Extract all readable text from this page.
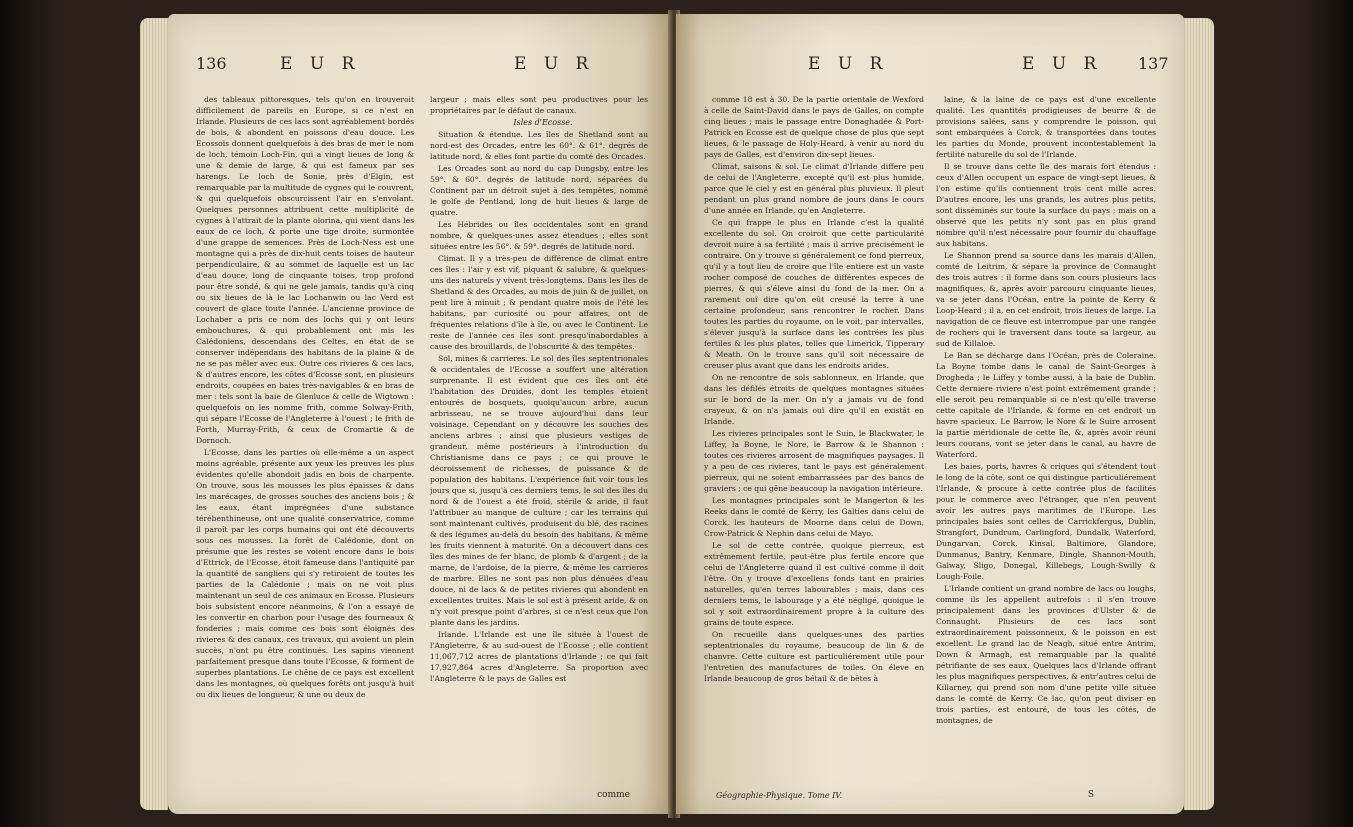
136	E U R	E U R

des tableaux pittoresques, tels qu'on en trouveroit difficilement de pareils en Europe, si ce n'est en Irlande. Plusieurs de ces lacs sont agréablement bordés de bois, & abondent en poissons d'eau douce. Les Ecossois donnent quelquefois à des bras de mer le nom de loch, témoin Loch-Fin, qui a vingt lieues de long & une & demie de large, & qui est fameux par ses harengs. Le loch de Sonie, près d'Elgin, est remarquable par la multitude de cygnes qui le couvrent, & qui quelquefois obscurcissent l'air en s'envolant. Quelques personnes attribuent cette multiplicité de cygnes à l'attrait de la plante olorina, qui vient dans les eaux de ce loch, & porte une tige droite, surmontée d'une grappe de semences. Près de Loch-Ness est une montagne qui a près de dix-huit cents toises de hauteur perpendiculaire, & au sommet de laquelle est un lac d'eau douce, long de cinquante toises, trop profond pour être sondé, & qui ne gele jamais, tandis qu'à cinq ou six lieues de là le lac Lochanwin ou lac Verd est couvert de glace toute l'année. L'ancienne province de Lochaber a pris ce nom des lochs qui y ont leurs embouchures, & qui probablement ont mis les Calédoniens, descendans des Celtes, en état de se conserver indépendans des habitans de la plaine & de ne se pas mêler avec eux. Outre ces rivieres & ces lacs, & d'autres encore, les côtes d'Ecosse sont, en plusieurs endroits, coupées en baies très-navigables & en bras de mer : tels sont la baie de Glenluce & celle de Wigtown : quelquefois on les nomme frith, comme Solway-Frith, qui sépare l'Ecosse de l'Angleterre à l'ouest ; le frith de Forth, Murray-Frith, & ceux de Cromartie & de Dornoch.

L'Ecosse, dans les parties où elle-même a un aspect moins agréable, présente aux yeux les preuves les plus évidentes qu'elle abondoit jadis en bois de charpente. On trouve, sous les mousses les plus épaisses & dans les marécages, de grosses souches des anciens bois ; & les eaux, étant imprégnées d'une substance térébenthineuse, ont une qualité conservatrice, comme il paroît par les corps humains qui ont été découverts sous ces mousses. La forêt de Calédonie, dont on présume que les restes se voient encore dans le bois d'Ettrick, de l'Ecosse, étoit fameuse dans l'antiquité par la quantité de sangliers qui s'y retiroient de toutes les parties de la Calédonie ; mais on ne voit plus maintenant un seul de ces animaux en Ecosse. Plusieurs bois subsistent encore néanmoins, & l'on a essayé de les convertir en charbon pour l'usage des fourneaux & fonderies ; mais comme ces bois sont éloignés des rivieres & des canaux, ces travaux, qui avoient un plein succès, n'ont pu être continués. Les sapins viennent parfaitement presque dans toute l'Ecosse, & forment de superbes plantations. Le chêne de ce pays est excellent dans les montagnes, où quelques forêts ont jusqu'à huit ou dix lieues de longueur, & une ou deux de

largeur ; mais elles sont peu productives pour les propriétaires par le défaut de canaux.

Isles d'Ecosse.

Situation & étendue. Les îles de Shetland sont au nord-est des Orcades, entre les 60°. & 61°. degrés de latitude nord, & elles font partie du comté des Orcades.

Les Orcades sont au nord du cap Dungsby, entre les 59°. & 60°. degrés de latitude nord, séparées du Continent par un détroit sujet à des tempêtes, nommé le golfe de Pentland, long de huit lieues & large de quatre.

Les Hébrides ou îles occidentales sont en grand nombre, & quelques-unes assez étendues ; elles sont situées entre les 56°. & 59°. degrés de latitude nord.

Climat. Il y a très-peu de différence de climat entre ces îles : l'air y est vif, piquant & salubre, & quelques-uns des naturels y vivent très-longtems. Dans les îles de Shetland & des Orcades, au mois de juin & de juillet, on peut lire à minuit ; & pendant quatre mois de l'été les habitans, par curiosité ou pour affaires, ont de fréquentes relations d'île à île, ou avec le Continent. Le reste de l'année ces îles sont presqu'inabordables à cause des brouillards, de l'obscurité & des tempêtes.

Sol, mines & carrieres. Le sol des îles septentrionales & occidentales de l'Ecosse a souffert une altération surprenante. Il est évident que ces îles ont été l'habitation des Druides, dont les temples étoient entourés de bosquets, quoiqu'aucun arbre, aucun arbrisseau, ne se trouve aujourd'hui dans leur voisinage. Cependant on y découvre les souches des anciens arbres ; ainsi que plusieurs vestiges de grandeur, même postérieurs à l'introduction du Christianisme dans ce pays ; ce qui prouve le décroissement de richesses, de puissance & de population des habitans. L'expérience fait voir tous les jours que si, jusqu'à ces derniers tems, le sol des îles du nord & de l'ouest a été froid, stérile & aride, il faut l'attribuer au manque de culture ; car les terrains qui sont maintenant cultivés, produisent du blé, des racines & des légumes au-delà du besoin des habitans, & même les fruits viennent à maturité. On a découvert dans ces îles des mines de fer blanc, de plomb & d'argent ; de la marne, de l'ardoise, de la pierre, & même les carrieres de marbre. Elles ne sont pas non plus dénuées d'eau douce, ni de lacs & de petites rivieres qui abondent en excellentes truites. Mais le sol est à présent aride, & on n'y voit presque point d'arbres, si ce n'est ceux que l'on plante dans les jardins.

Irlande. L'Irlande est une île située à l'ouest de l'Angleterre, & au sud-ouest de l'Ecosse ; elle contient 11,067,712 acres de plantations d'Irlande ; ce qui fait 17,927,864 acres d'Angleterre. Sa proportion avec l'Angleterre & le pays de Galles est

comme
E U R	E U R 137

comme 18 est à 30. De la partie orientale de Wexford à celle de Saint-David dans le pays de Galles, on compte cinq lieues ; mais le passage entre Donaghadée & Port-Patrick en Ecosse est de quelque chose de plus que sept lieues, & le passage de Holy-Heard, à venir au nord du pays de Galles, est d'environ dix-sept lieues.

Climat, saisons & sol. Le climat d'Irlande differe peu de celui de l'Angleterre, excepté qu'il est plus humide, parce que le ciel y est en général plus pluvieux. Il pleut pendant un plus grand nombre de jours dans le cours d'une année en Irlande, qu'en Angleterre.

Ce qui frappe le plus en Irlande c'est la qualité excellente du sol. On croiroit que cette particularité devroit nuire à sa fertilité ; mais il arrive précisément le contraire. On y trouve si généralement ce fond pierreux, qu'il y a tout lieu de croire que l'île entiere est un vaste rocher composé de couches de différentes especes de pierres, & qui s'éleve ainsi du fond de la mer. On a rarement ouï dire qu'on eût creusé la terre à une certaine profondeur, sans rencontrer le rocher. Dans toutes les parties du royaume, on le voit, par intervalles, s'élever jusqu'à la surface dans les contrées les plus fertiles & les plus plates, telles que Limerick, Tipperary & Meath. On le trouve sans qu'il soit nécessaire de creuser plus avant que dans les endroits arides.

On ne rencontre de sols sablonneux, en Irlande, que dans les défilés étroits de quelques montagnes situées sur le bord de la mer. On n'y a jamais vu de fond crayeux, & on n'a jamais ouï dire qu'il en existât en Irlande.

Les rivieres principales sont le Suin, le Blackwater, le Liffey, la Boyne, le Nore, le Barrow & le Shannon : toutes ces rivieres arrosent de magnifiques paysages. Il y a peu de ces rivieres, tant le pays est généralement pierreux, qui ne soient embarrassées par des bancs de graviers ; ce qui gêne beaucoup la navigation intérieure.

Les montagnes principales sont le Mangerton & les Reeks dans le comté de Kerry, les Galties dans celui de Corck, les hauteurs de Moorne dans celui de Down, Crow-Patrick & Nephin dans celui de Mayo.

Le sol de cette contrée, quoique pierreux, est extrêmement fertile, peut-être plus fertile encore que celui de l'Angleterre quand il est cultivé comme il doit l'être. On y trouve d'excellens fonds tant en prairies naturelles, qu'en terres labourables ; mais, dans ces derniers tems, le labourage y a été négligé, quoique le sol y soit extraordinairement propre à la culture des grains de toute espece.

On recueille dans quelques-unes des parties septentrionales du royaume, beaucoup de lin & de chanvre. Cette culture est particuliérement utile pour l'entretien des manufactures de toiles. On éleve en Irlande beaucoup de gros bétail & de bêtes à

laine, & la laine de ce pays est d'une excellente qualité. Les quantités prodigieuses de beurre & de provisions salées, sans y comprendre le poisson, qui sont embarquées à Corck, & transportées dans toutes les parties du Monde, prouvent incontestablement la fertilité naturelle du sol de l'Irlande.

Il se trouve dans cette île des marais fort étendus : ceux d'Allen occupent un espace de vingt-sept lieues, & l'on estime qu'ils contiennent trois cent mille acres. D'autres encore, les uns grands, les autres plus petits, sont disséminés sur toute la surface du pays ; mais on a observé que les petits n'y sont pas en plus grand nombre qu'il n'est nécessaire pour fournir du chauffage aux habitans.

Le Shannon prend sa source dans les marais d'Allen, comté de Leitrim, & sépare la province de Connaught des trois autres : il forme dans son cours plusieurs lacs magnifiques, &, après avoir parcouru cinquante lieues, va se jeter dans l'Océan, entre la pointe de Kerry & Loop-Heard ; il a, en cet endroit, trois lieues de large. La navigation de ce fleuve est interrompue par une rangée de rochers qui le traversent dans toute sa largeur, au sud de Killaloe.

Le Ban se décharge dans l'Océan, près de Coleraine. La Boyne tombe dans le canal de Saint-Georges à Drogheda ; le Liffey y tombe aussi, à la baie de Dublin. Cette derniere riviere n'est point extrêmement grande ; elle seroit peu remarquable si ce n'est qu'elle traverse cette capitale de l'Irlande, & forme en cet endroit un havre spacieux. Le Barrow, le Nore & le Suire arrosent la partie méridionale de cette île, &, après avoir réuni leurs courans, vont se jeter dans le canal, au havre de Waterford.

Les baies, ports, havres & criques qui s'étendent tout le long de la côte, sont ce qui distingue particuliérement l'Irlande, & procure à cette contrée plus de facilités pour le commerce avec l'étranger, que n'en peuvent avoir les autres pays maritimes de l'Europe. Les principales baies sont celles de Carrickfergus, Dublin, Strangfort, Dundrum, Carlingford, Dundalk, Waterford, Dungarvan, Corck, Kinsal, Baltimore, Glandore, Dunmanus, Bantry, Kenmare, Dingle, Shannon-Mouth, Galway, Sligo, Donegal, Killebegs, Lough-Swilly & Lough-Foile.

L'Irlande contient un grand nombre de lacs ou loughs, comme ils les appellent autrefois : il s'en trouve principalement dans les provinces d'Ulster & de Connaught. Plusieurs de ces lacs sont extraordinairement poissonneux, & le poisson en est excellent. Le grand lac de Neagh, situé entre Antrim, Down & Armagh, est remarquable par la qualité pétrifiante de ses eaux. Quelques lacs d'Irlande offrant les plus magnifiques perspectives, & entr'autres celui de Killarney, qui prend son nom d'une petite ville située dans le comté de Kerry. Ce lac, qu'on peut diviser en trois parties, est entouré, de tous les côtés, de montagnes, de

Géographie-Physique. Tome IV.	S
